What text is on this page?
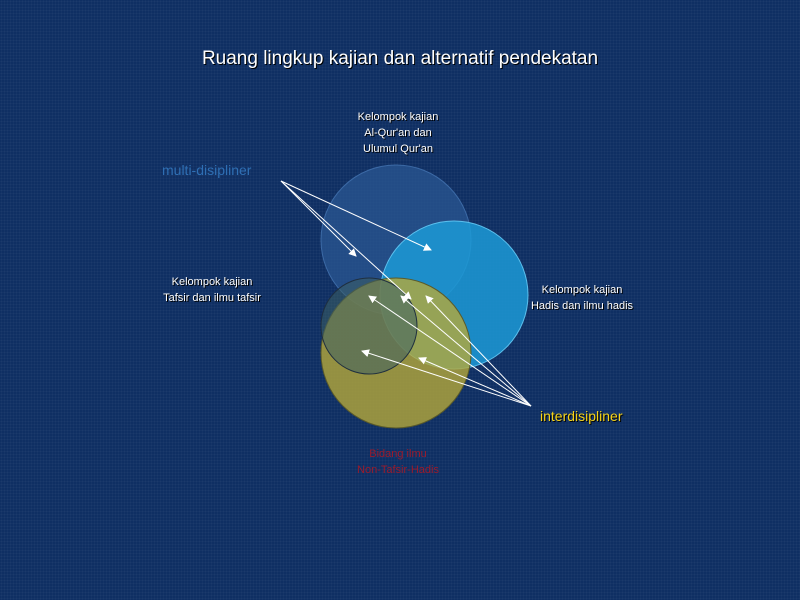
Ruang lingkup kajian dan alternatif pendekatan
Kelompok kajian
Al-Qur'an dan
Ulumul Qur'an
Kelompok kajian
Tafsir dan ilmu tafsir
Kelompok kajian
Hadis dan ilmu hadis
Bidang ilmu
Non-Tafsir-Hadis
multi-disipliner
interdisipliner
